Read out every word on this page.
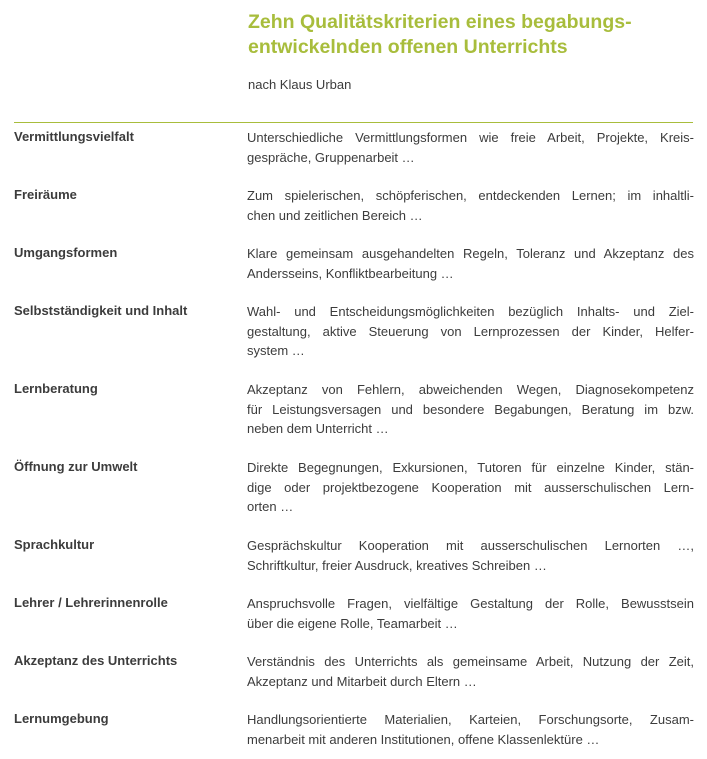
Zehn Qualitätskriterien eines begabungs-
entwickelnden offenen Unterrichts
nach Klaus Urban
Vermittlungsvielfalt	Unterschiedliche Vermittlungsformen wie freie Arbeit, Projekte, Kreis-
gespräche, Gruppenarbeit …
Freiräume	Zum spielerischen, schöpferischen, entdeckenden Lernen; im inhaltli-
chen und zeitlichen Bereich …
Umgangsformen	Klare gemeinsam ausgehandelten Regeln, Toleranz und Akzeptanz des
Andersseins, Konfliktbearbeitung …
Selbstständigkeit und Inhalt	Wahl- und Entscheidungsmöglichkeiten bezüglich Inhalts- und Ziel-
gestaltung, aktive Steuerung von Lernprozessen der Kinder, Helfer-
system …
Lernberatung	Akzeptanz von Fehlern, abweichenden Wegen, Diagnosekompetenz
für Leistungsversagen und besondere Begabungen, Beratung im bzw.
neben dem Unterricht …
Öffnung zur Umwelt	Direkte Begegnungen, Exkursionen, Tutoren für einzelne Kinder, stän-
dige oder projektbezogene Kooperation mit ausserschulischen Lern-
orten …
Sprachkultur	Gesprächskultur Kooperation mit ausserschulischen Lernorten …,
Schriftkultur, freier Ausdruck, kreatives Schreiben …
Lehrer / Lehrerinnenrolle	Anspruchsvolle Fragen, vielfältige Gestaltung der Rolle, Bewusstsein
über die eigene Rolle, Teamarbeit …
Akzeptanz des Unterrichts	Verständnis des Unterrichts als gemeinsame Arbeit, Nutzung der Zeit,
Akzeptanz und Mitarbeit durch Eltern …
Lernumgebung	Handlungsorientierte Materialien, Karteien, Forschungsorte, Zusam-
menarbeit mit anderen Institutionen, offene Klassenlektüre …
